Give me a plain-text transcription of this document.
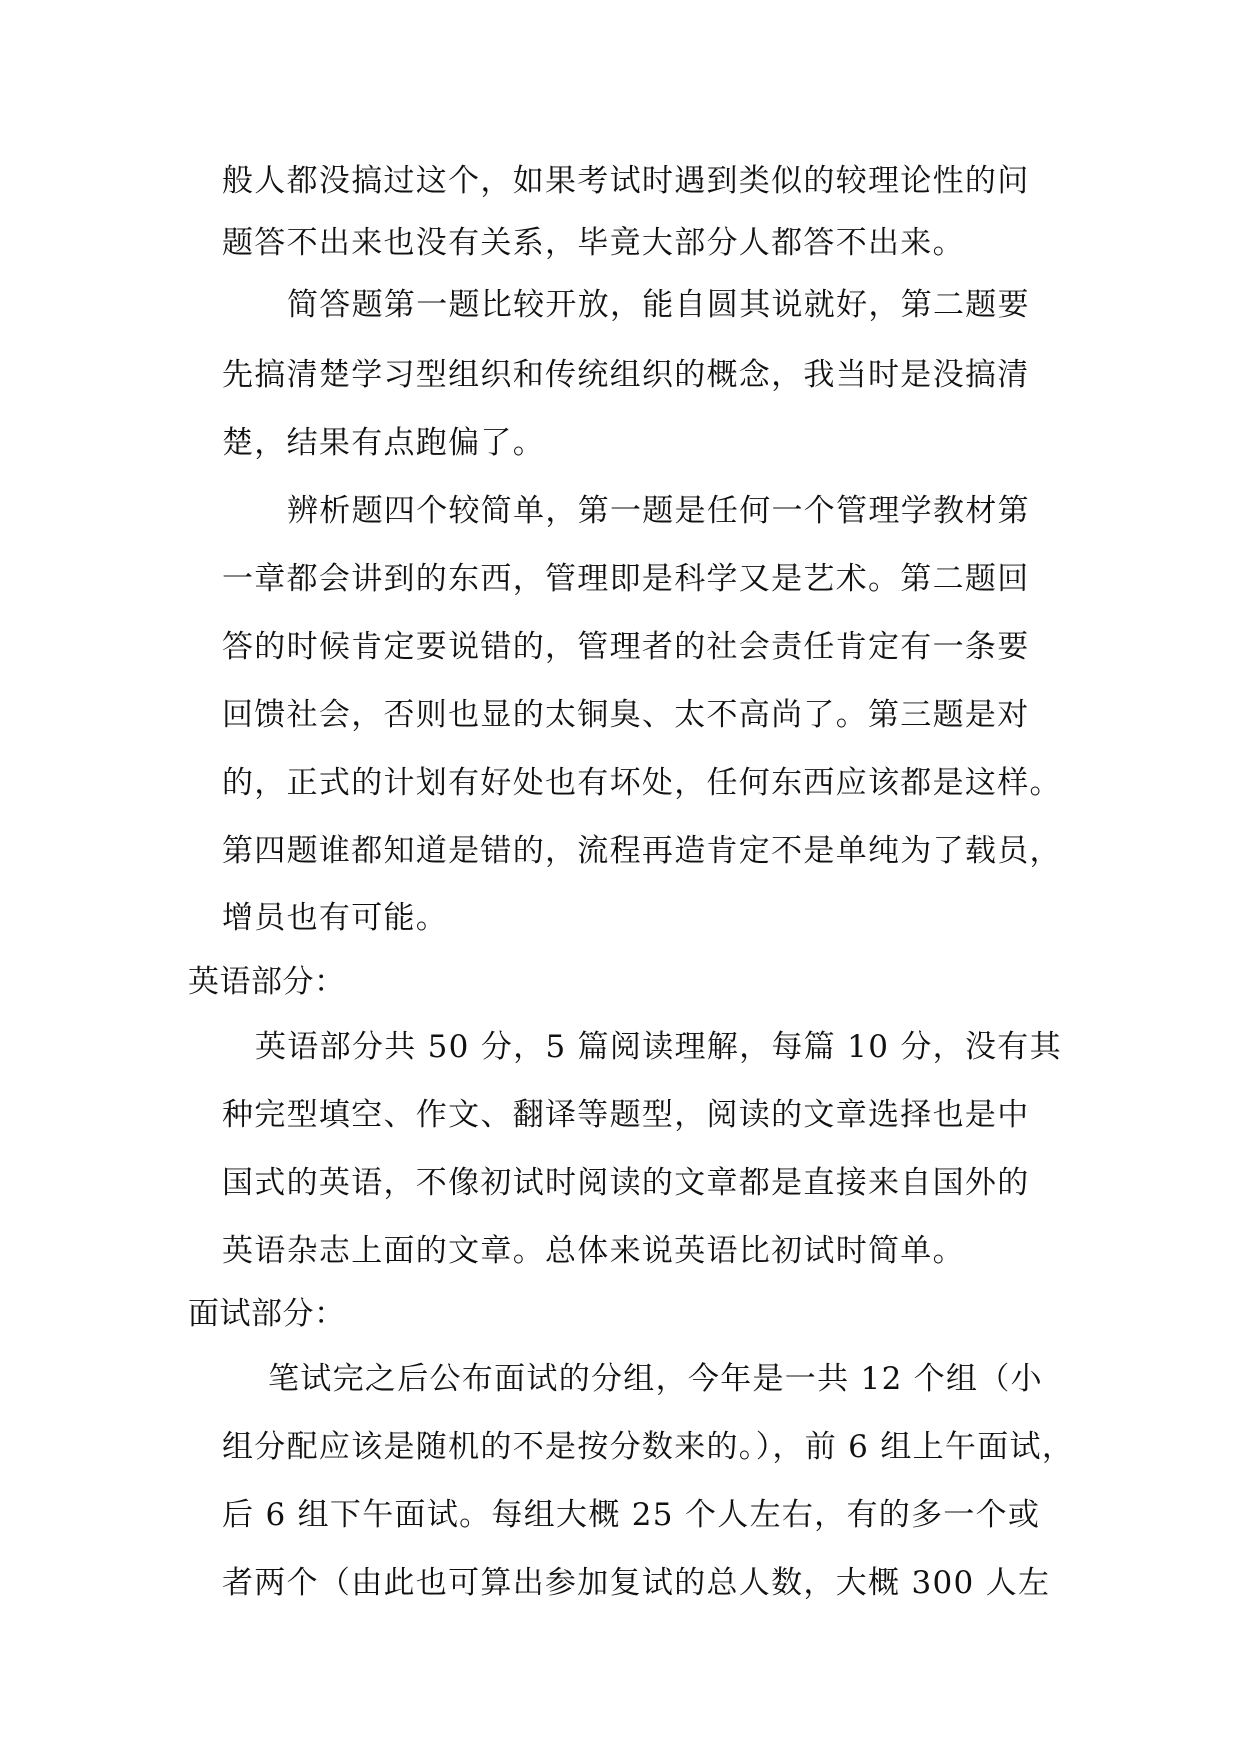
般人都没搞过这个，如果考试时遇到类似的较理论性的问
题答不出来也没有关系，毕竟大部分人都答不出来。
简答题第一题比较开放，能自圆其说就好，第二题要
先搞清楚学习型组织和传统组织的概念，我当时是没搞清
楚，结果有点跑偏了。
辨析题四个较简单，第一题是任何一个管理学教材第
一章都会讲到的东西，管理即是科学又是艺术。第二题回
答的时候肯定要说错的，管理者的社会责任肯定有一条要
回馈社会，否则也显的太铜臭、太不高尚了。第三题是对
的，正式的计划有好处也有坏处，任何东西应该都是这样。
第四题谁都知道是错的，流程再造肯定不是单纯为了载员，
增员也有可能。
英语部分：
英语部分共 50 分，5 篇阅读理解，每篇 10 分，没有其
种完型填空、作文、翻译等题型，阅读的文章选择也是中
国式的英语，不像初试时阅读的文章都是直接来自国外的
英语杂志上面的文章。总体来说英语比初试时简单。
面试部分：
笔试完之后公布面试的分组，今年是一共 12 个组（小
组分配应该是随机的不是按分数来的。），前 6 组上午面试，
后 6 组下午面试。每组大概 25 个人左右，有的多一个或
者两个（由此也可算出参加复试的总人数，大概 300 人左
